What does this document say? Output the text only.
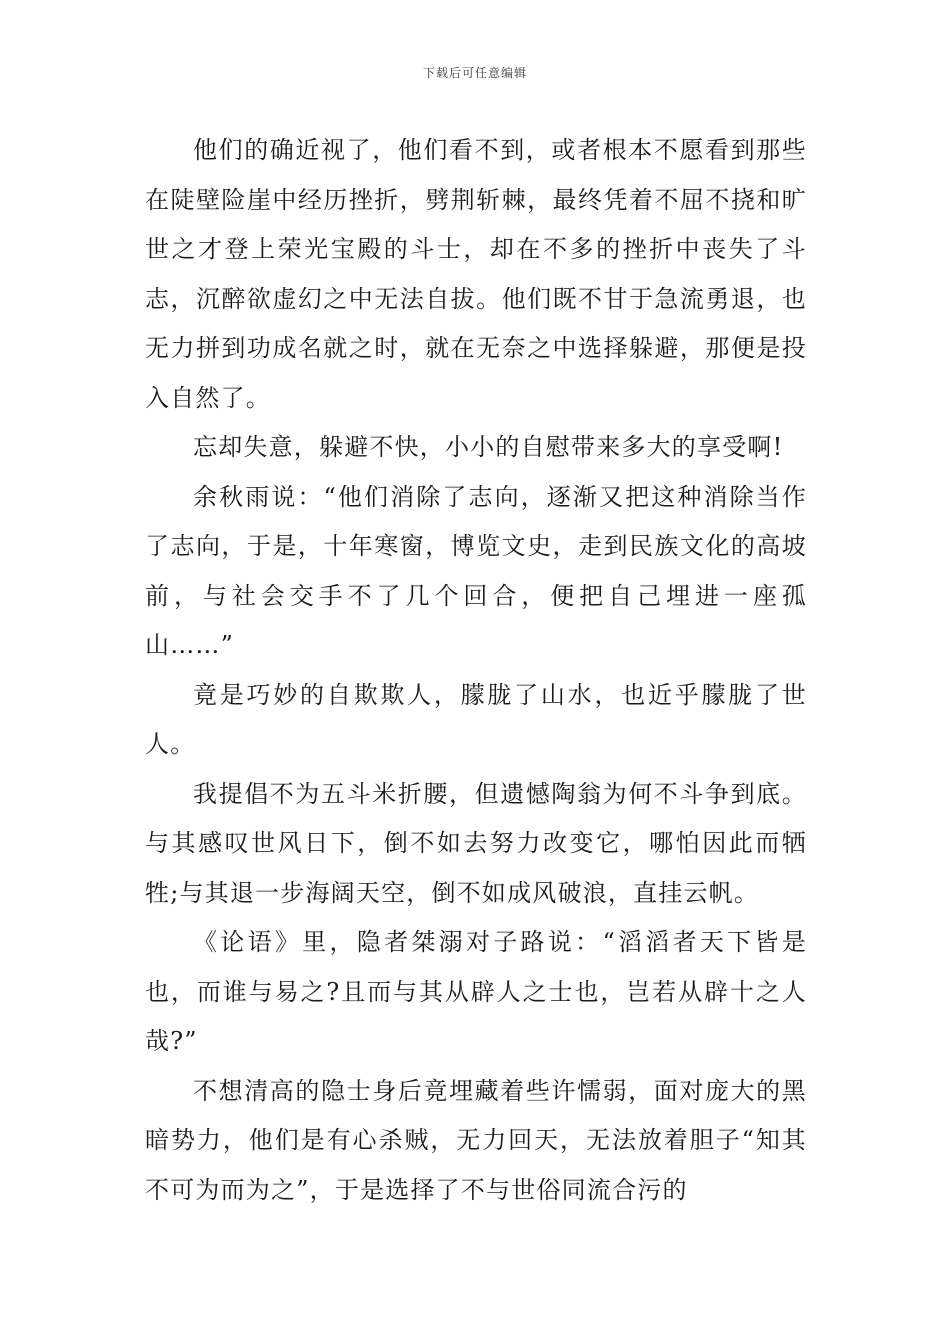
下载后可任意编辑

他们的确近视了，他们看不到，或者根本不愿看到那些在陡壁险崖中经历挫折，劈荆斩棘，最终凭着不屈不挠和旷世之才登上荣光宝殿的斗士，却在不多的挫折中丧失了斗志，沉醉欲虚幻之中无法自拔。他们既不甘于急流勇退，也无力拼到功成名就之时，就在无奈之中选择躲避，那便是投入自然了。

忘却失意，躲避不快，小小的自慰带来多大的享受啊!

余秋雨说：“他们消除了志向，逐渐又把这种消除当作了志向，于是，十年寒窗，博览文史，走到民族文化的高坡前，与社会交手不了几个回合，便把自己埋进一座孤山……”

竟是巧妙的自欺欺人，朦胧了山水，也近乎朦胧了世人。

我提倡不为五斗米折腰，但遗憾陶翁为何不斗争到底。与其感叹世风日下，倒不如去努力改变它，哪怕因此而牺牲;与其退一步海阔天空，倒不如成风破浪，直挂云帆。

《论语》里，隐者桀溺对子路说：“滔滔者天下皆是也，而谁与易之?且而与其从辟人之士也，岂若从辟十之人哉?”

不想清高的隐士身后竟埋藏着些许懦弱，面对庞大的黑暗势力，他们是有心杀贼，无力回天，无法放着胆子“知其不可为而为之”，于是选择了不与世俗同流合污的
